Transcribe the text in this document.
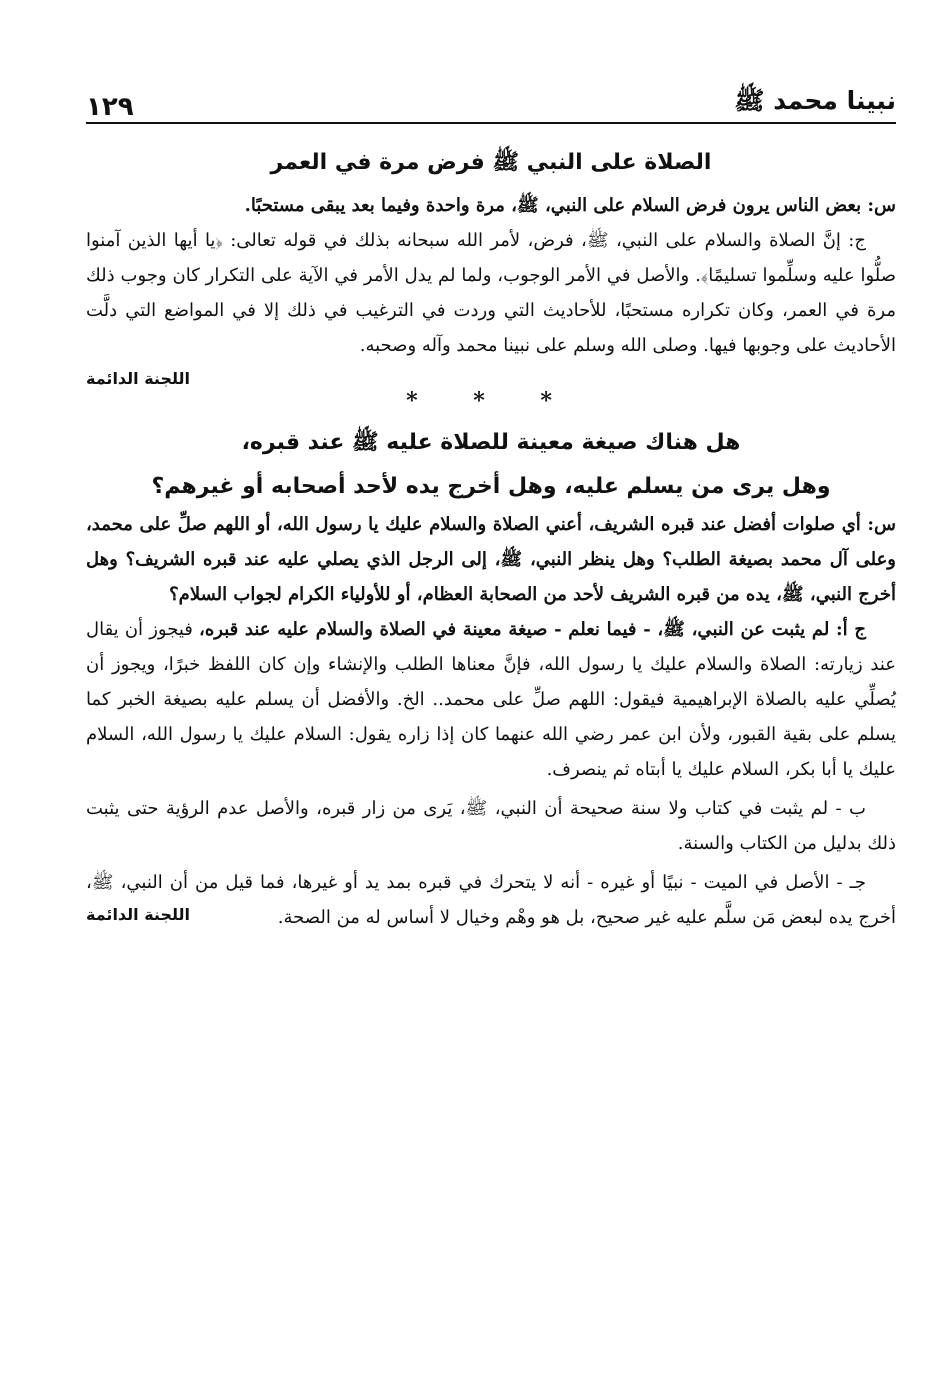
نبينا محمد ﷺ
١٢٩
الصلاة على النبي ﷺ فرض مرة في العمر

س: بعض الناس يرون فرض السلام على النبي، ﷺ، مرة واحدة وفيما بعد يبقى مستحبًا.

ج: إنَّ الصلاة والسلام على النبي، ﷺ، فرض، لأمر الله سبحانه بذلك في قوله تعالى: ﴿يا أيها الذين آمنوا صلُّوا عليه وسلِّموا تسليمًا﴾. والأصل في الأمر الوجوب، ولما لم يدل الأمر في الآية على التكرار كان وجوب ذلك مرة في العمر، وكان تكراره مستحبًا، للأحاديث التي وردت في الترغيب في ذلك إلا في المواضع التي دلَّت الأحاديث على وجوبها فيها. وصلى الله وسلم على نبينا محمد وآله وصحبه.

اللجنة الدائمة
* * *
هل هناك صيغة معينة للصلاة عليه ﷺ عند قبره،
وهل يرى من يسلم عليه، وهل أخرج يده لأحد أصحابه أو غيرهم؟

س: أي صلوات أفضل عند قبره الشريف، أعني الصلاة والسلام عليك يا رسول الله، أو اللهم صلِّ على محمد، وعلى آل محمد بصيغة الطلب؟ وهل ينظر النبي، ﷺ، إلى الرجل الذي يصلي عليه عند قبره الشريف؟ وهل أخرج النبي، ﷺ، يده من قبره الشريف لأحد من الصحابة العظام، أو للأولياء الكرام لجواب السلام؟

ج أ: لم يثبت عن النبي، ﷺ، - فيما نعلم - صيغة معينة في الصلاة والسلام عليه عند قبره، فيجوز أن يقال عند زيارته: الصلاة والسلام عليك يا رسول الله، فإنَّ معناها الطلب والإنشاء وإن كان اللفظ خبرًا، ويجوز أن يُصلِّي عليه بالصلاة الإبراهيمية فيقول: اللهم صلِّ على محمد.. الخ. والأفضل أن يسلم عليه بصيغة الخبر كما يسلم على بقية القبور، ولأن ابن عمر رضي الله عنهما كان إذا زاره يقول: السلام عليك يا رسول الله، السلام عليك يا أبا بكر، السلام عليك يا أبتاه ثم ينصرف.

ب - لم يثبت في كتاب ولا سنة صحيحة أن النبي، ﷺ، يَرى من زار قبره، والأصل عدم الرؤية حتى يثبت ذلك بدليل من الكتاب والسنة.

جـ - الأصل في الميت - نبيًا أو غيره - أنه لا يتحرك في قبره بمد يد أو غيرها، فما قيل من أن النبي، ﷺ، أخرج يده لبعض مَن سلَّم عليه غير صحيح، بل هو وهْم وخيال لا أساس له من الصحة.

اللجنة الدائمة
